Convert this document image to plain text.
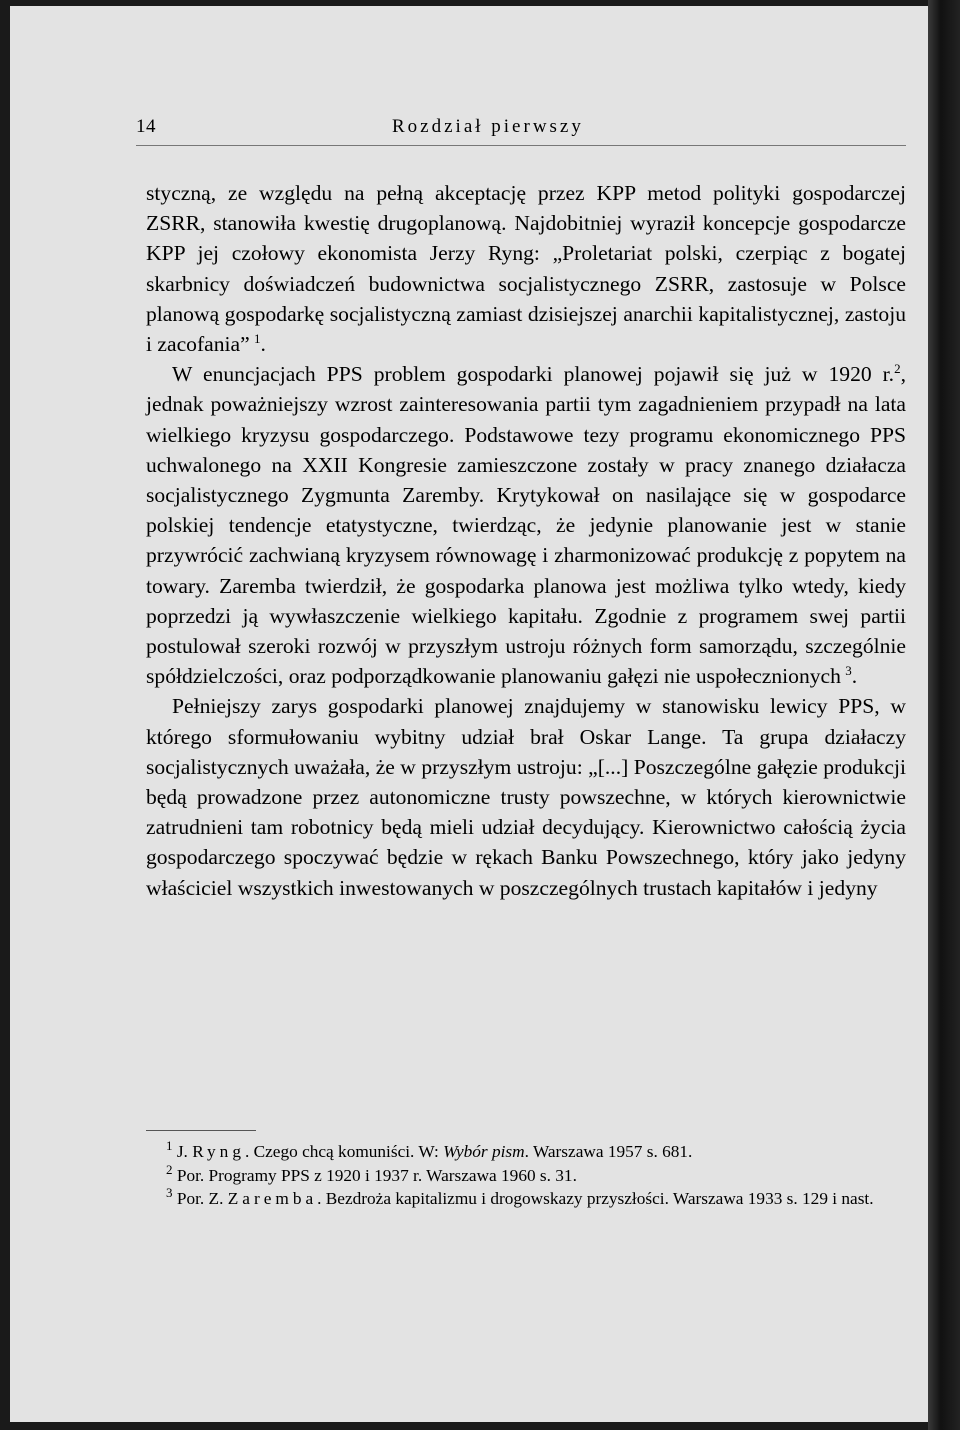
14	Rozdział pierwszy

styczną, ze względu na pełną akceptację przez KPP metod polityki gospodarczej ZSRR, stanowiła kwestię drugoplanową. Najdobitniej wyraził koncepcje gospodarcze KPP jej czołowy ekonomista Jerzy Ryng: „Proletariat polski, czerpiąc z bogatej skarbnicy doświadczeń budownictwa socjalistycznego ZSRR, zastosuje w Polsce planową gospodarkę socjalistyczną zamiast dzisiejszej anarchii kapitalistycznej, zastoju i zacofania”  $^1$.

W enuncjacjach PPS problem gospodarki planowej pojawił się już w 1920 r.$^2$, jednak poważniejszy wzrost zainteresowania partii tym zagadnieniem przypadł na lata wielkiego kryzysu gospodarczego. Podstawowe tezy programu ekonomicznego PPS uchwalonego na XXII Kongresie zamieszczone zostały w pracy znanego działacza socjalistycznego Zygmunta Zaremby. Krytykował on nasilające się w gospodarce polskiej tendencje etatystyczne, twierdząc, że jedynie planowanie jest w stanie przywrócić zachwianą kryzysem równowagę i zharmonizować produkcję z popytem na towary. Zaremba twierdził, że gospodarka planowa jest możliwa tylko wtedy, kiedy poprzedzi ją wywłaszczenie wielkiego kapitału. Zgodnie z programem swej partii postulował szeroki rozwój w przyszłym ustroju różnych form samorządu, szczególnie spółdzielczości, oraz podporządkowanie planowaniu gałęzi nie uspołecznionych  $^3$.

Pełniejszy zarys gospodarki planowej znajdujemy w stanowisku lewicy PPS, w którego sformułowaniu wybitny udział brał Oskar Lange. Ta grupa działaczy socjalistycznych uważała, że w przyszłym ustroju: „[...] Poszczególne gałęzie produkcji będą prowadzone przez autonomiczne trusty powszechne, w których kierownictwie zatrudnieni tam robotnicy będą mieli udział decydujący. Kierownictwo całością życia gospodarczego spoczywać będzie w rękach Banku Powszechnego, który jako jedyny właściciel wszystkich inwestowanych w poszczególnych trustach kapitałów i jedyny

$^1$ J. Ryng. Czego chcą komuniści. W: Wybór pism. Warszawa 1957 s. 681.

$^2$ Por. Programy PPS z 1920 i 1937 r. Warszawa 1960 s. 31.

$^3$ Por. Z. Zaremba. Bezdroża kapitalizmu i drogowskazy przyszłości. Warszawa 1933 s. 129 i nast.
